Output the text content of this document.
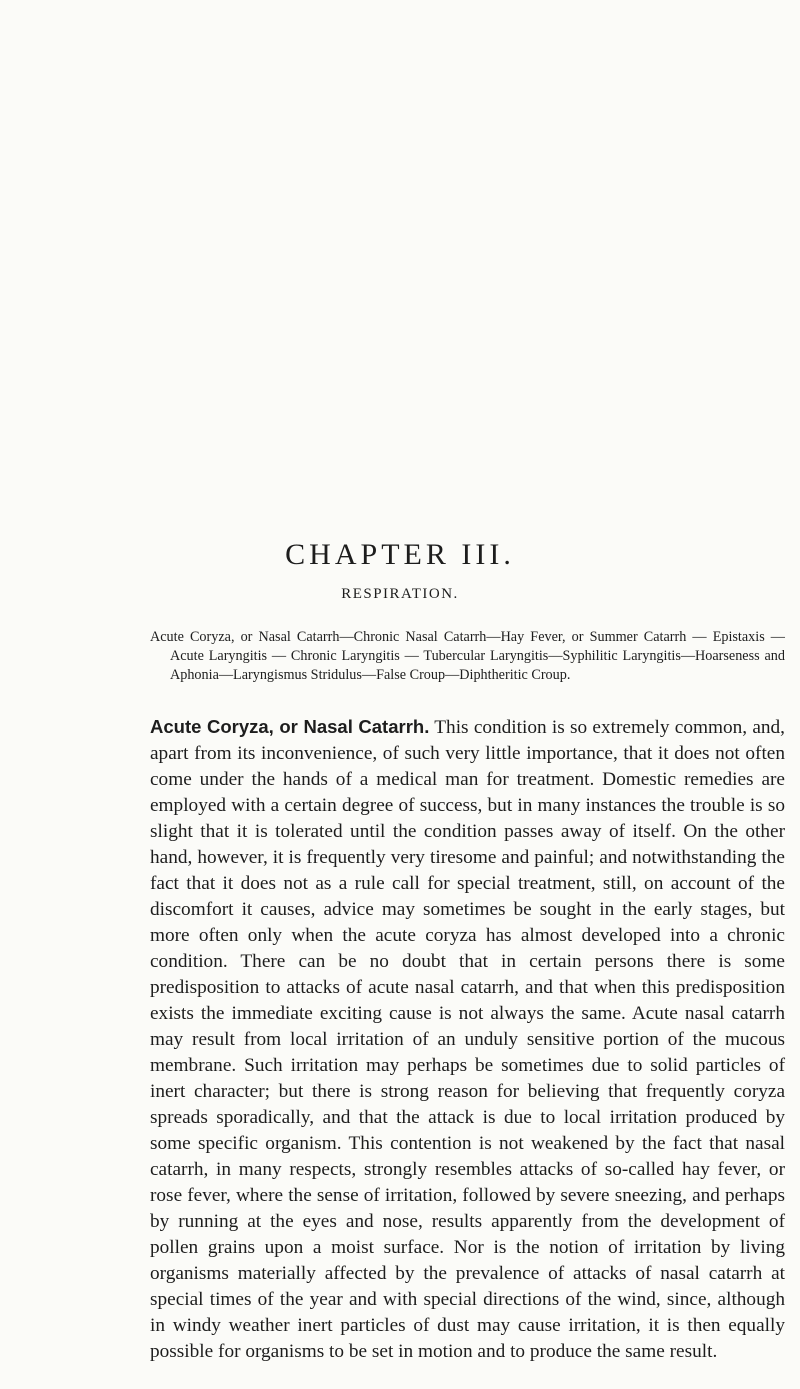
CHAPTER III.
RESPIRATION.

Acute Coryza, or Nasal Catarrh—Chronic Nasal Catarrh—Hay Fever, or Summer Catarrh — Epistaxis — Acute Laryngitis — Chronic Laryngitis — Tubercular Laryngitis—Syphilitic Laryngitis—Hoarseness and Aphonia—Laryngismus Stridulus—False Croup—Diphtheritic Croup.

Acute Coryza, or Nasal Catarrh. This condition is so extremely common, and, apart from its inconvenience, of such very little importance, that it does not often come under the hands of a medical man for treatment. Domestic remedies are employed with a certain degree of success, but in many instances the trouble is so slight that it is tolerated until the condition passes away of itself. On the other hand, however, it is frequently very tiresome and painful; and notwithstanding the fact that it does not as a rule call for special treatment, still, on account of the discomfort it causes, advice may sometimes be sought in the early stages, but more often only when the acute coryza has almost developed into a chronic condition. There can be no doubt that in certain persons there is some predisposition to attacks of acute nasal catarrh, and that when this predisposition exists the immediate exciting cause is not always the same. Acute nasal catarrh may result from local irritation of an unduly sensitive portion of the mucous membrane. Such irritation may perhaps be sometimes due to solid particles of inert character; but there is strong reason for believing that frequently coryza spreads sporadically, and that the attack is due to local irritation produced by some specific organism. This contention is not weakened by the fact that nasal catarrh, in many respects, strongly resembles attacks of so-called hay fever, or rose fever, where the sense of irritation, followed by severe sneezing, and perhaps by running at the eyes and nose, results apparently from the development of pollen grains upon a moist surface. Nor is the notion of irritation by living organisms materially affected by the prevalence of attacks of nasal catarrh at special times of the year and with special directions of the wind, since, although in windy weather inert particles of dust may cause irritation, it is then equally possible for organisms to be set in motion and to produce the same result.
